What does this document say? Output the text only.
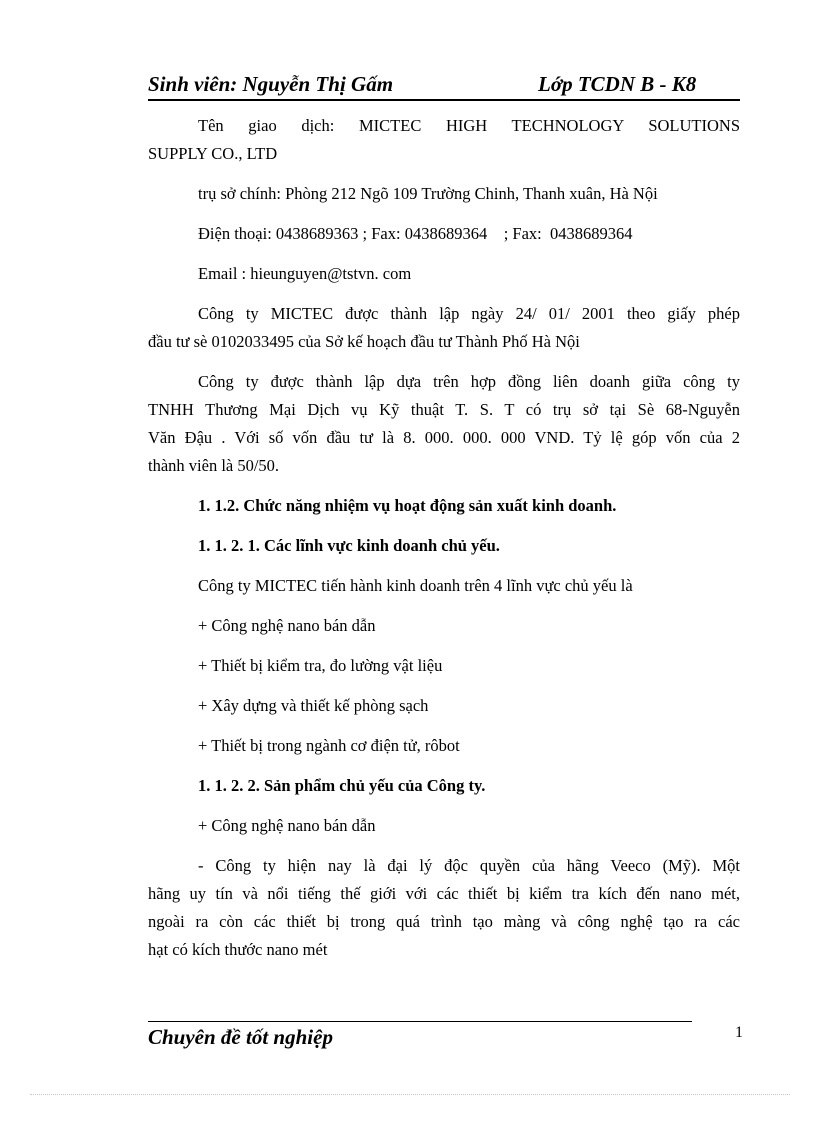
Sinh viên: Nguyễn Thị Gấm	Lớp TCDN B - K8

Tên giao dịch: MICTEC HIGH TECHNOLOGY SOLUTIONS

SUPPLY CO., LTD

trụ sở chính: Phòng 212 Ngõ 109 Trường Chinh, Thanh xuân, Hà Nội

Điện thoại: 0438689363 ; Fax: 0438689364    ; Fax:  0438689364

Email : hieunguyen@tstvn. com

Công ty MICTEC được thành lập ngày 24/ 01/ 2001 theo giấy phép

đầu tư sè 0102033495 của Sở kế hoạch đầu tư Thành Phố Hà Nội

Công ty được thành lập dựa trên hợp đồng liên doanh giữa công ty

TNHH Thương Mại Dịch vụ Kỹ thuật T. S. T có trụ sở tại Sè 68-Nguyễn

Văn Đậu . Với số vốn đầu tư là 8. 000. 000. 000 VND. Tỷ lệ góp vốn của 2

thành viên là 50/50.

1. 1.2. Chức năng nhiệm vụ hoạt động sản xuất kinh doanh.

1. 1. 2. 1. Các lĩnh vực kinh doanh chủ yếu.

Công ty MICTEC tiến hành kinh doanh trên 4 lĩnh vực chủ yếu là

+ Công nghệ nano bán dẫn

+ Thiết bị kiểm tra, đo lường vật liệu

+ Xây dựng và thiết kế phòng sạch

+ Thiết bị trong ngành cơ điện tử, rôbot

1. 1. 2. 2. Sản phẩm chủ yếu của Công ty.

+ Công nghệ nano bán dẫn

- Công ty hiện nay là đại lý độc quyền của hãng Veeco (Mỹ). Một

hãng uy tín và nổi tiếng thế giới với các thiết bị kiểm tra kích đến nano mét,

ngoài ra còn các thiết bị trong quá trình tạo màng và công nghệ tạo ra các

hạt có kích thước nano mét

Chuyên đề tốt nghiệp	1
